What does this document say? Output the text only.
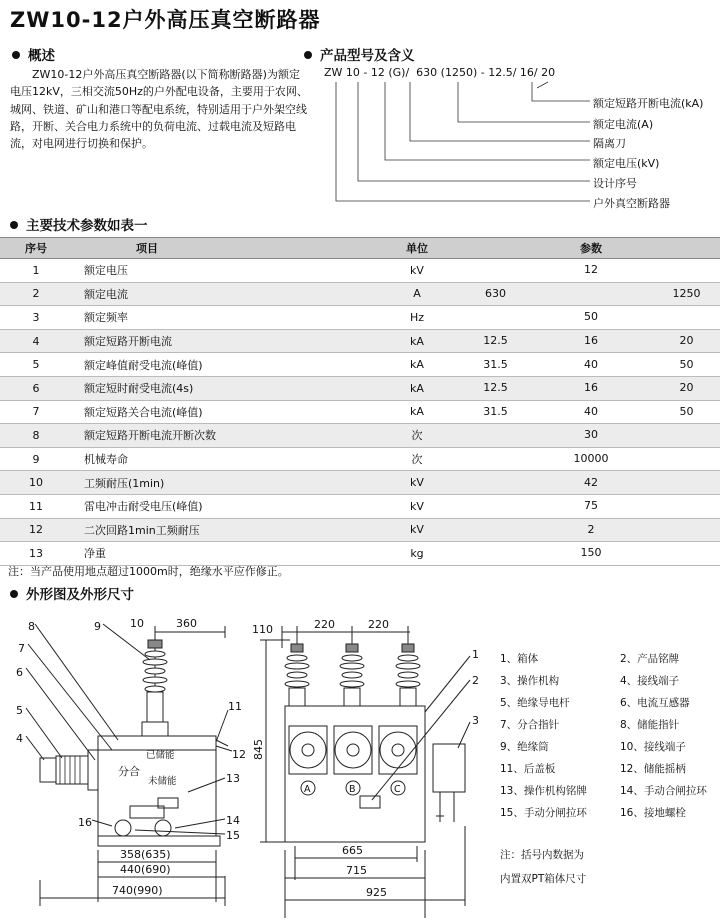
ZW10-12户外高压真空断路器
概述
ZW10-12户外高压真空断路器(以下简称断路器)为额定电压12kV，三相交流50Hz的户外配电设备，主要用于农网、城网、铁道、矿山和港口等配电系统，特别适用于户外架空线路，开断、关合电力系统中的负荷电流、过载电流及短路电流，对电网进行切换和保护。
产品型号及含义
ZW 10 - 12 (G)/  630 (1250) - 12.5/ 16/ 20
额定短路开断电流(kA)
额定电流(A)
隔离刀
额定电压(kV)
设计序号
户外真空断路器
主要技术参数如表一
序号	项目	单位	参数
1	额定电压	kV	12

2	额定电流	A	630 1250

3	额定频率	Hz	50

4	额定短路开断电流	kA	12.5 16 20

5	额定峰值耐受电流(峰值)	kA	31.5 40 50

6	额定短时耐受电流(4s)	kA	12.5 16 20

7	额定短路关合电流(峰值)	kA	31.5 40 50

8	额定短路开断电流开断次数	次	30

9	机械寿命	次	10000

10	工频耐压(1min)	kV	42

11	雷电冲击耐受电压(峰值)	kV	75

12	二次回路1min工频耐压	kV	2

13	净重	kg	150
注：当产品使用地点超过1000m时，绝缘水平应作修正。
外形图及外形尺寸
10	360
358(635)
440(690)
740(990)
8	9
7
6
5
4
11
12
13
14
15
16
已储能
分合
未储能
110	220	220
845
665
715
925
1
2
3
A	B	C
1、箱体	2、产品铭牌
3、操作机构	4、接线端子
5、绝缘导电杆	6、电流互感器
7、分合指针	8、储能指针
9、绝缘筒	10、接线端子
11、后盖板	12、储能摇柄
13、操作机构铭牌	14、手动合闸拉环
15、手动分闸拉环	16、接地螺栓
注：括号内数据为
内置双PT箱体尺寸
